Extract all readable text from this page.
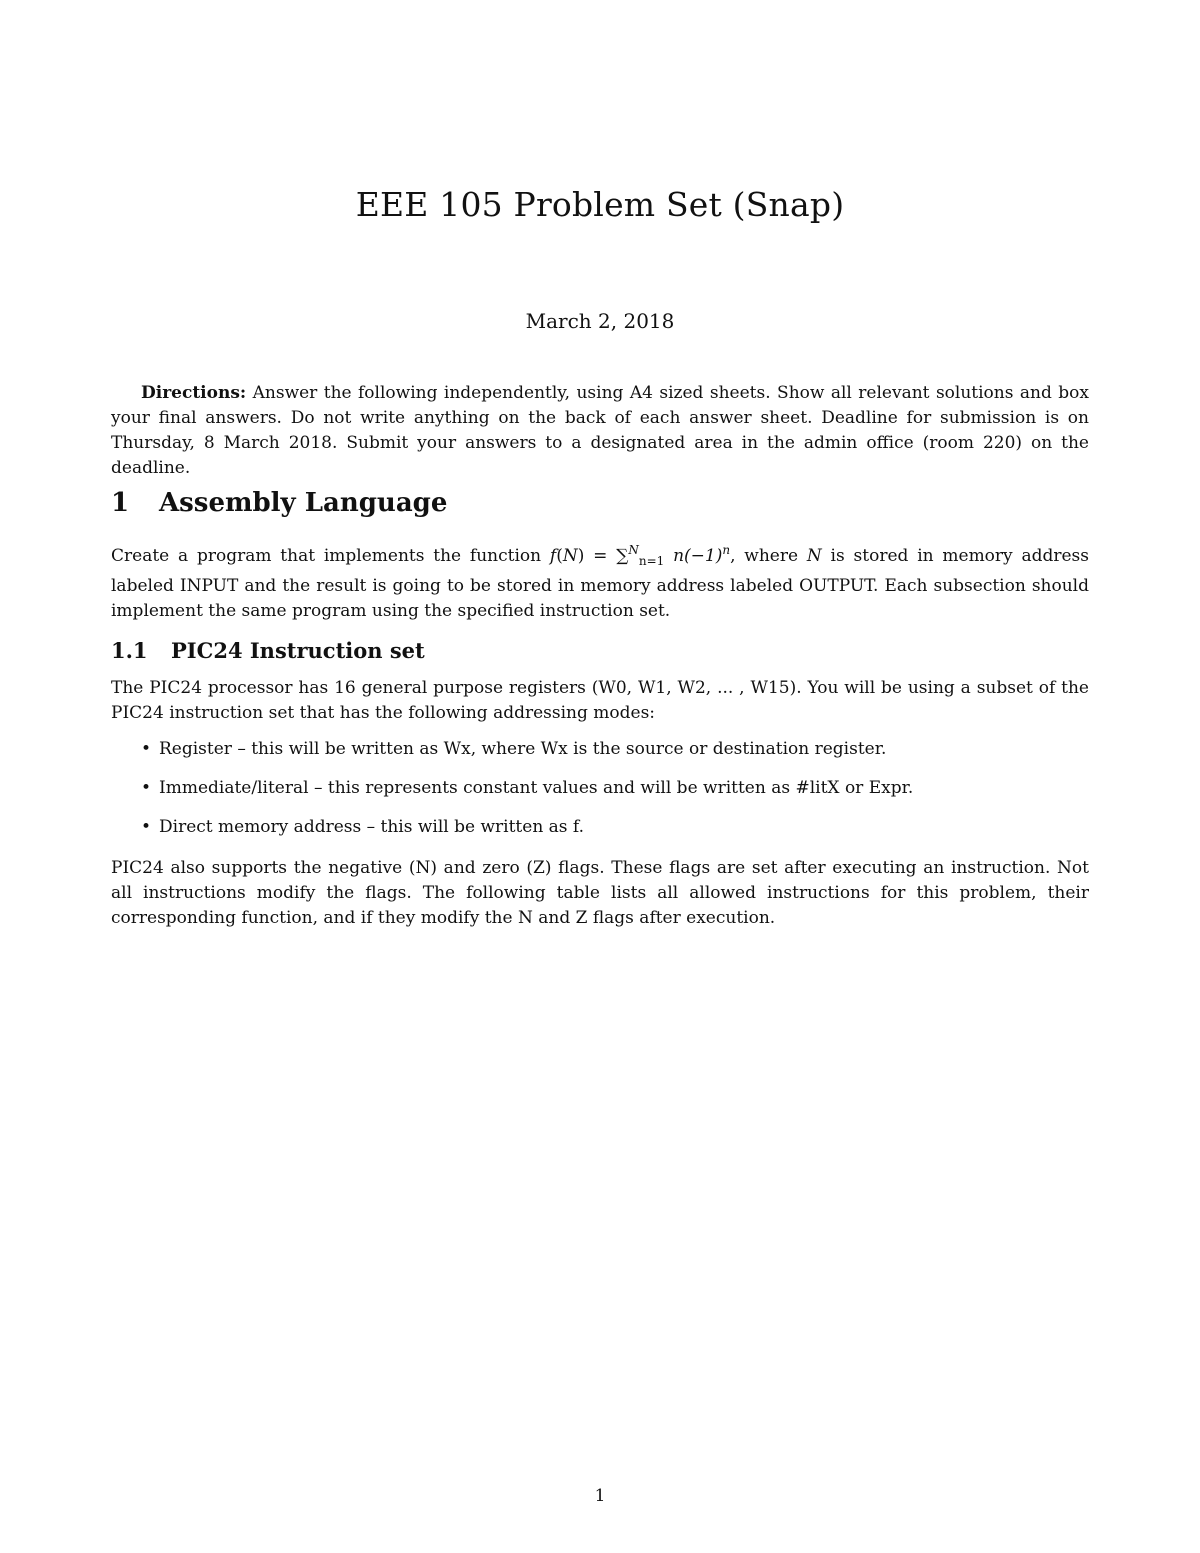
EEE 105 Problem Set (Snap)
March 2, 2018

Directions: Answer the following independently, using A4 sized sheets. Show all relevant solutions and box your final answers. Do not write anything on the back of each answer sheet. Deadline for submission is on Thursday, 8 March 2018. Submit your answers to a designated area in the admin office (room 220) on the deadline.

1 Assembly Language

Create a program that implements the function f(N) = ∑$^N_{n=1}$ $n(-1)^n$, where N is stored in memory address labeled INPUT and the result is going to be stored in memory address labeled OUTPUT. Each subsection should implement the same program using the specified instruction set.

1.1 PIC24 Instruction set

The PIC24 processor has 16 general purpose registers (W0, W1, W2, ... , W15). You will be using a subset of the PIC24 instruction set that has the following addressing modes:

• Register – this will be written as Wx, where Wx is the source or destination register.
• Immediate/literal – this represents constant values and will be written as #litX or Expr.
• Direct memory address – this will be written as f.

PIC24 also supports the negative (N) and zero (Z) flags. These flags are set after executing an instruction. Not all instructions modify the flags. The following table lists all allowed instructions for this problem, their corresponding function, and if they modify the N and Z flags after execution.

1
